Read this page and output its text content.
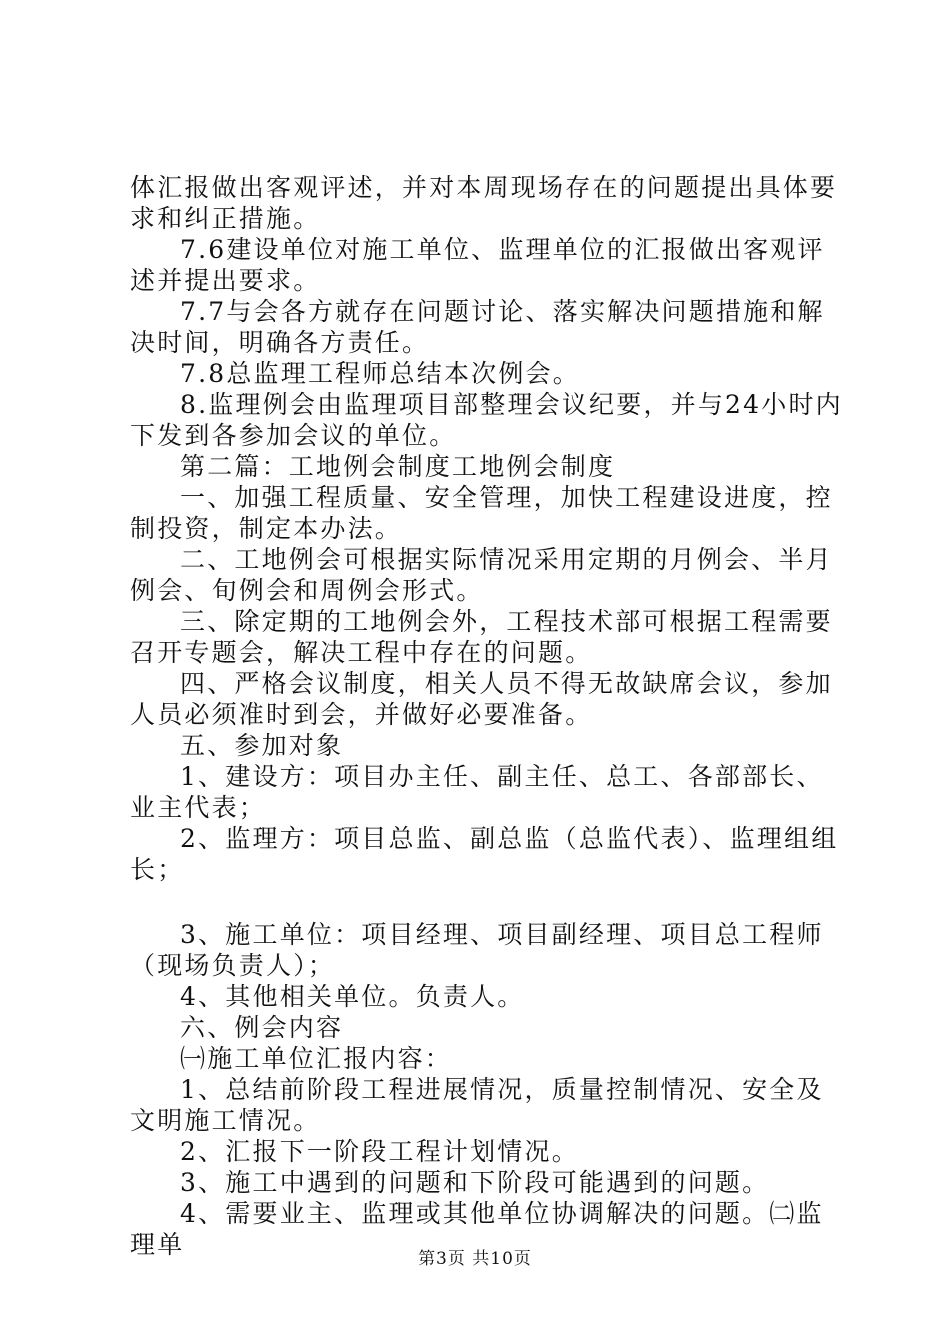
体汇报做出客观评述，并对本周现场存在的问题提出具体要求和纠正措施。

7.6建设单位对施工单位、监理单位的汇报做出客观评述并提出要求。

7.7与会各方就存在问题讨论、落实解决问题措施和解决时间，明确各方责任。

7.8总监理工程师总结本次例会。

8.监理例会由监理项目部整理会议纪要，并与24小时内下发到各参加会议的单位。

第二篇：工地例会制度工地例会制度

一、加强工程质量、安全管理，加快工程建设进度，控制投资，制定本办法。

二、工地例会可根据实际情况采用定期的月例会、半月例会、旬例会和周例会形式。

三、除定期的工地例会外，工程技术部可根据工程需要召开专题会，解决工程中存在的问题。

四、严格会议制度，相关人员不得无故缺席会议，参加人员必须准时到会，并做好必要准备。

五、参加对象

1、建设方：项目办主任、副主任、总工、各部部长、业主代表；

2、监理方：项目总监、副总监（总监代表）、监理组组长；

3、施工单位：项目经理、项目副经理、项目总工程师（现场负责人）；

4、其他相关单位。负责人。

六、例会内容

㈠施工单位汇报内容：

1、总结前阶段工程进展情况，质量控制情况、安全及文明施工情况。

2、汇报下一阶段工程计划情况。

3、施工中遇到的问题和下阶段可能遇到的问题。

4、需要业主、监理或其他单位协调解决的问题。㈡监理单	第3页 共10页
